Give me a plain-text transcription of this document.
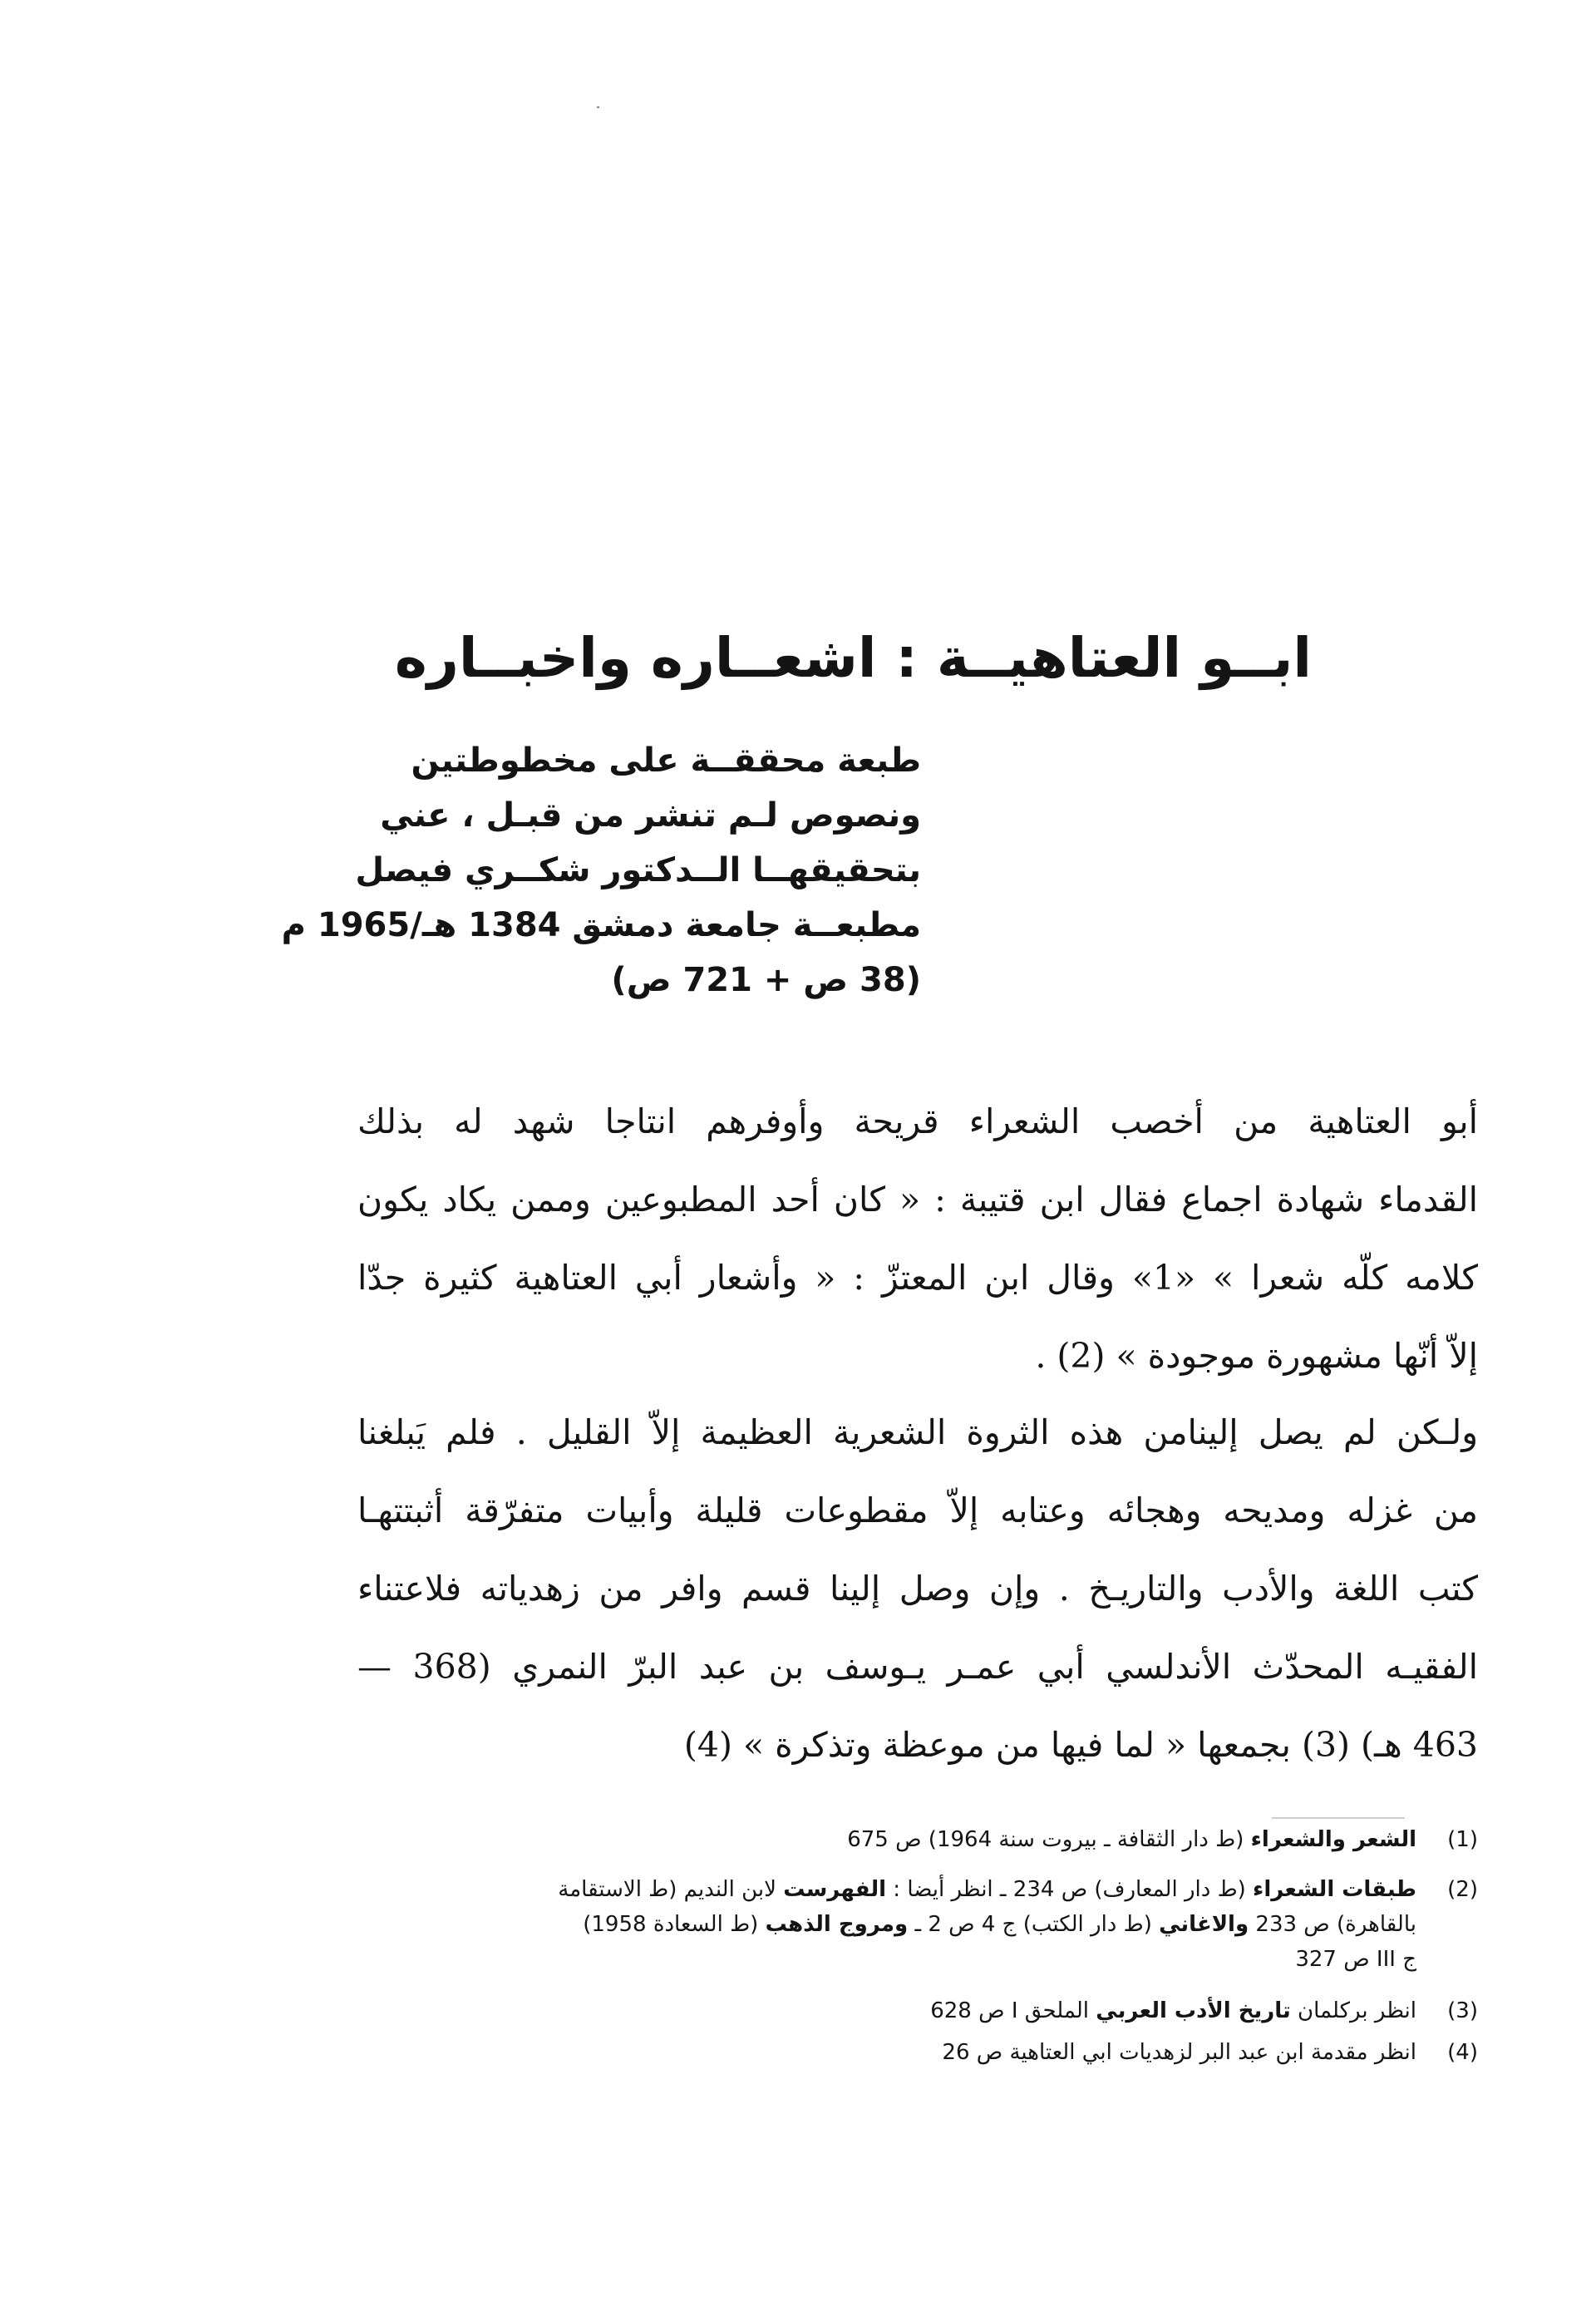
ابــو العتاهيــة : اشعــاره واخبــاره
طبعة محققــة على مخطوطتين
ونصوص لـم تنشر من قبـل ، عني
بتحقيقهــا الــدكتور شكــري فيصل
مطبعــة جامعة دمشق 1384 هـ/1965 م
(38 ص + 721 ص)
أبو العتاهية من أخصب الشعراء قريحة وأوفرهم انتاجا شهد له بذلك
القدماء شهادة اجماع فقال ابن قتيبة : « كان أحد المطبوعين وممن يكاد يكون
كلامه كلّه شعرا » «1» وقال ابن المعتزّ : « وأشعار أبي العتاهية كثيرة جدّا
إلاّ أنّها مشهورة موجودة » (2) .
ولـكن لم يصل إلينامن هذه الثروة الشعرية العظيمة إلاّ القليل . فلم يَبلغنا
من غزله ومديحه وهجائه وعتابه إلاّ مقطوعات قليلة وأبيات متفرّقة أثبتتهـا
كتب اللغة والأدب والتاريـخ . وإن وصل إلينا قسم وافر من زهدياته فلاعتناء
الفقيـه المحدّث الأندلسي أبي عمـر يـوسف بن عبد البرّ النمري (368 —
463 هـ) (3) بجمعها « لما فيها من موعظة وتذكرة » (4)
(1)
الشعر والشعراء (ط دار الثقافة ـ بيروت سنة 1964) ص 675
(2)
طبقات الشعراء (ط دار المعارف) ص 234 ـ انظر أيضا : الفهرست لابن النديم (ط الاستقامة
بالقاهرة) ص 233 والاغاني (ط دار الكتب) ج 4 ص 2 ـ ومروج الذهب (ط السعادة 1958)
ج III ص 327
(3)
انظر بركلمان تاريخ الأدب العربي الملحق I ص 628
(4)
انظر مقدمة ابن عبد البر لزهديات ابي العتاهية ص 26
